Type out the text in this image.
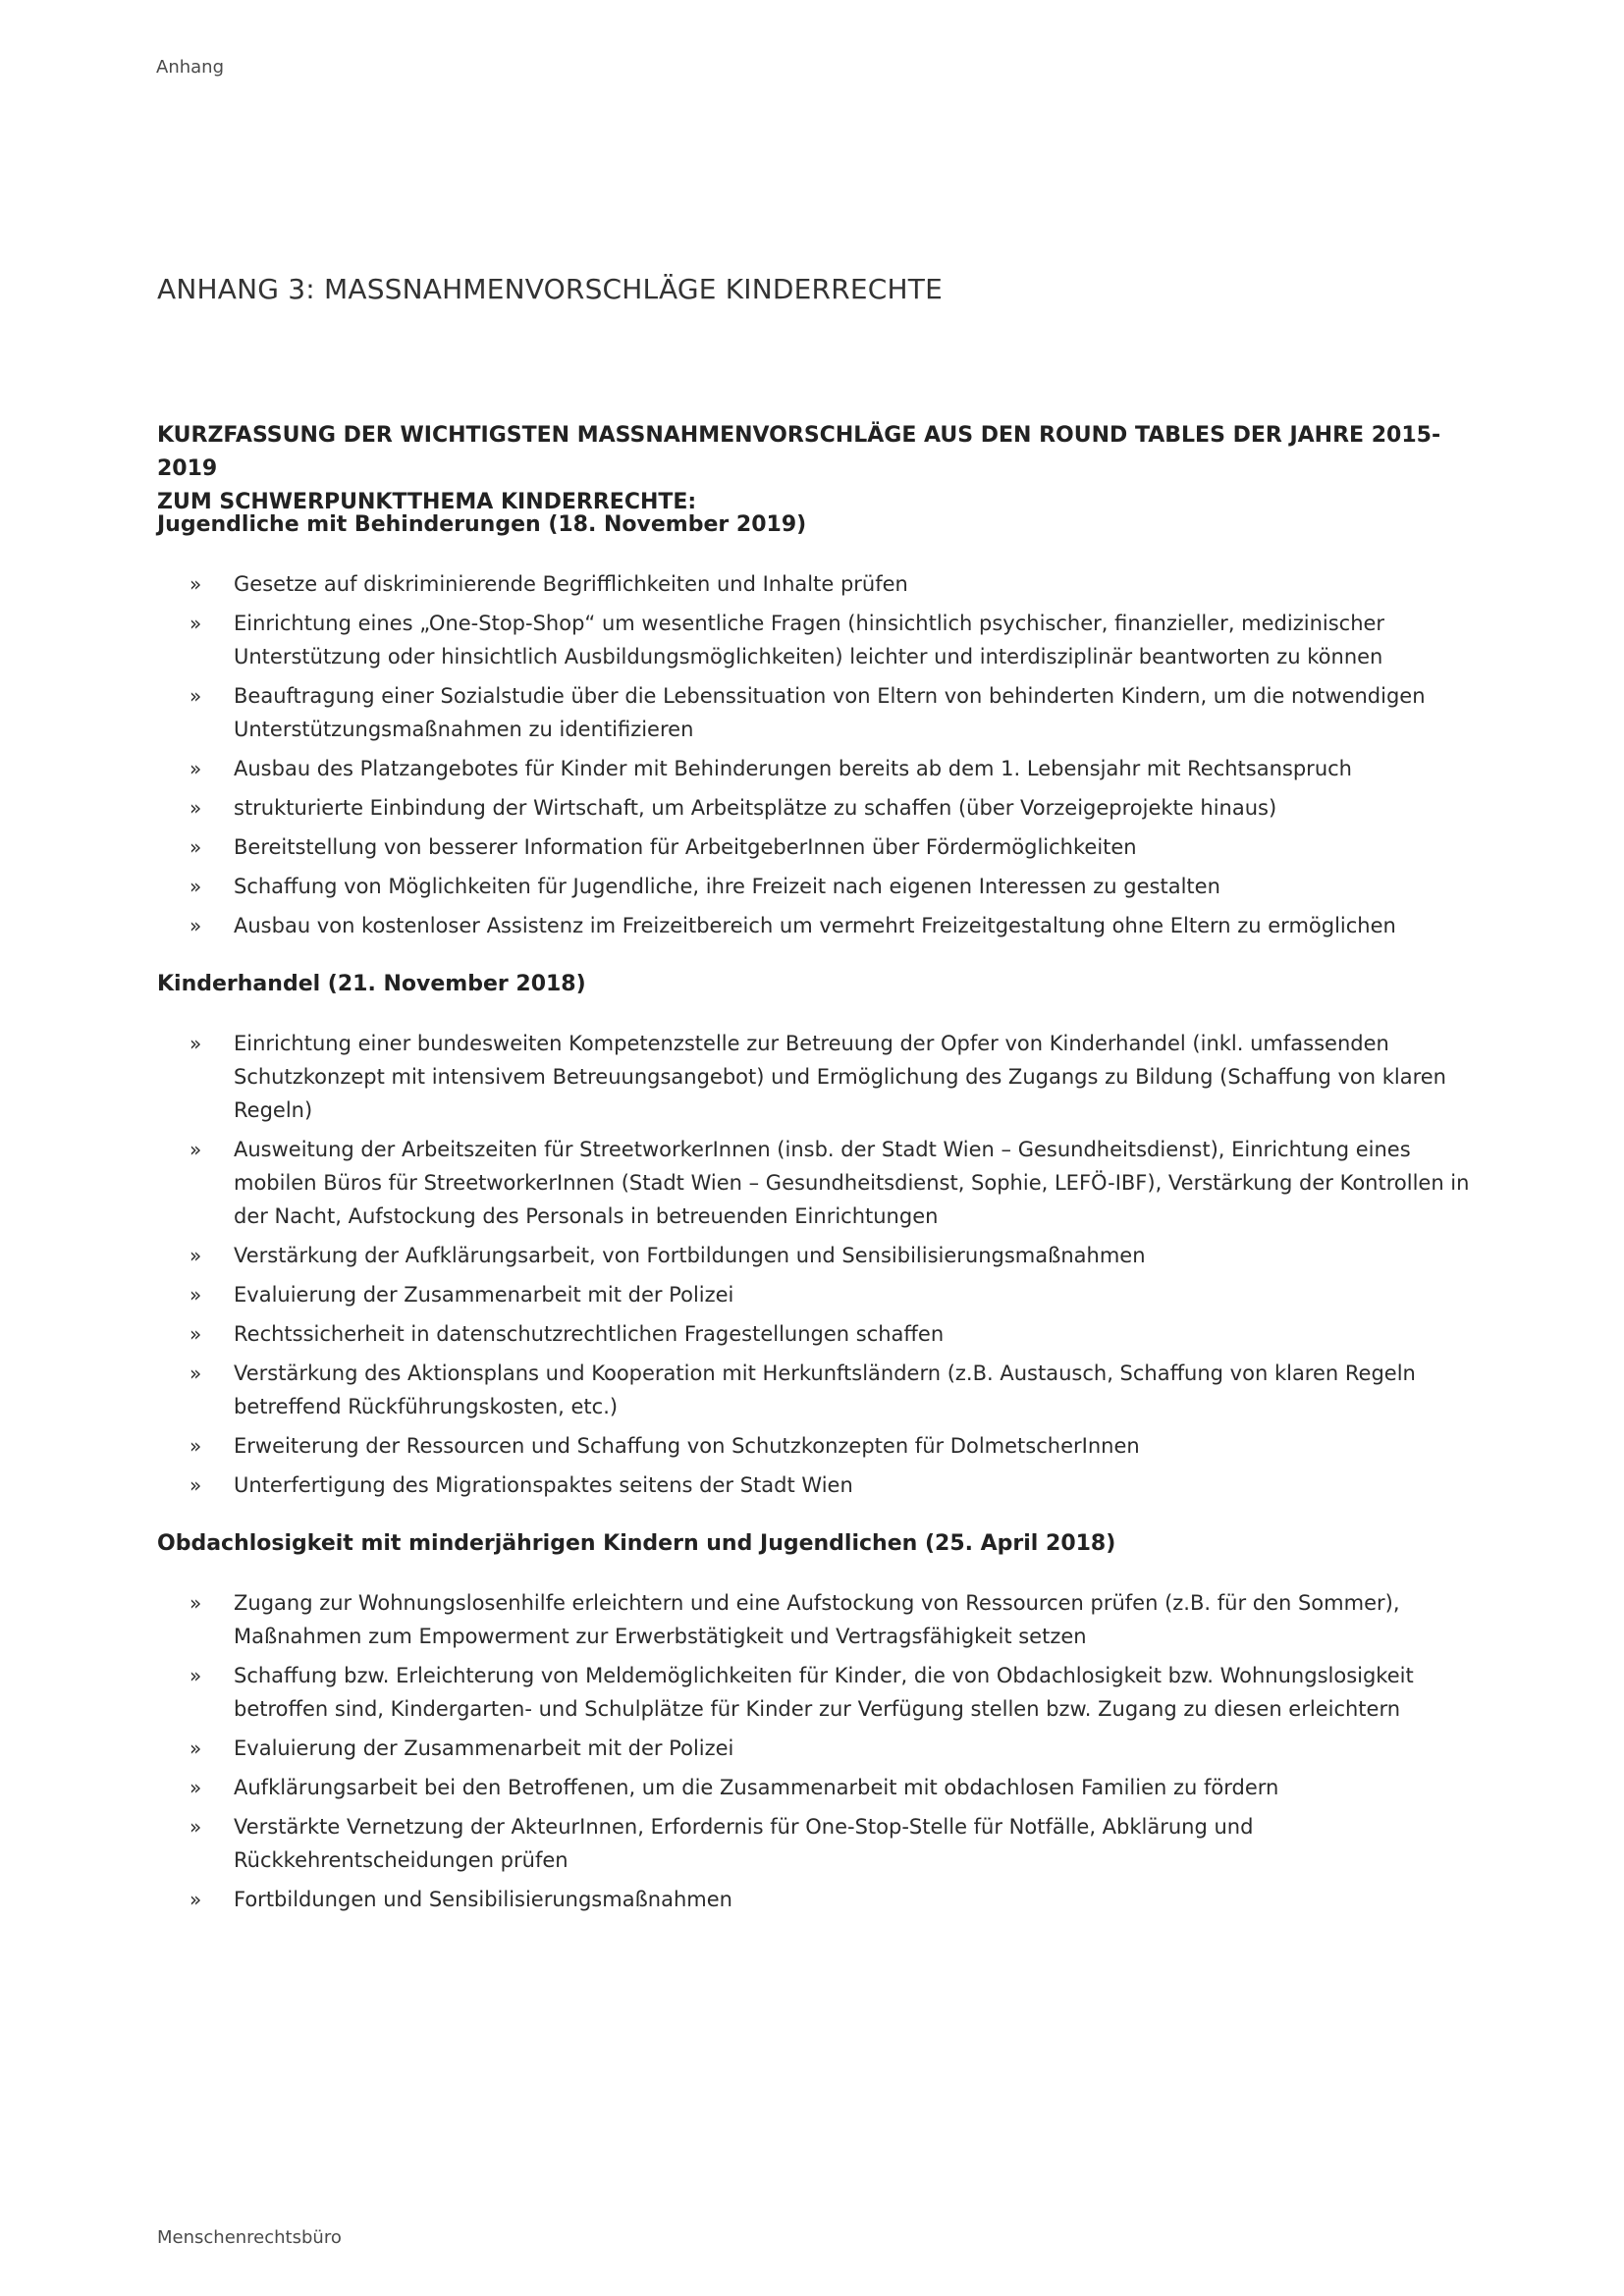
Anhang
ANHANG 3: MASSNAHMENVORSCHLÄGE KINDERRECHTE
KURZFASSUNG DER WICHTIGSTEN MASSNAHMENVORSCHLÄGE AUS DEN ROUND TABLES DER JAHRE 2015-2019
ZUM SCHWERPUNKTTHEMA KINDERRECHTE:
Jugendliche mit Behinderungen (18. November 2019)
» Gesetze auf diskriminierende Begrifflichkeiten und Inhalte prüfen
» Einrichtung eines „One-Stop-Shop“ um wesentliche Fragen (hinsichtlich psychischer, finanzieller, medizinischer Unterstützung oder hinsichtlich Ausbildungsmöglichkeiten) leichter und interdisziplinär beantworten zu können
» Beauftragung einer Sozialstudie über die Lebenssituation von Eltern von behinderten Kindern, um die notwendigen Unterstützungsmaßnahmen zu identifizieren
» Ausbau des Platzangebotes für Kinder mit Behinderungen bereits ab dem 1. Lebensjahr mit Rechtsanspruch
» strukturierte Einbindung der Wirtschaft, um Arbeitsplätze zu schaffen (über Vorzeigeprojekte hinaus)
» Bereitstellung von besserer Information für ArbeitgeberInnen über Fördermöglichkeiten
» Schaffung von Möglichkeiten für Jugendliche, ihre Freizeit nach eigenen Interessen zu gestalten
» Ausbau von kostenloser Assistenz im Freizeitbereich um vermehrt Freizeitgestaltung ohne Eltern zu ermöglichen
Kinderhandel (21. November 2018)
» Einrichtung einer bundesweiten Kompetenzstelle zur Betreuung der Opfer von Kinderhandel (inkl. umfassenden Schutzkonzept mit intensivem Betreuungsangebot) und Ermöglichung des Zugangs zu Bildung (Schaffung von klaren Regeln)
» Ausweitung der Arbeitszeiten für StreetworkerInnen (insb. der Stadt Wien – Gesundheitsdienst), Einrichtung eines mobilen Büros für StreetworkerInnen (Stadt Wien – Gesundheitsdienst, Sophie, LEFÖ-IBF), Verstärkung der Kontrollen in der Nacht, Aufstockung des Personals in betreuenden Einrichtungen
» Verstärkung der Aufklärungsarbeit, von Fortbildungen und Sensibilisierungsmaßnahmen
» Evaluierung der Zusammenarbeit mit der Polizei
» Rechtssicherheit in datenschutzrechtlichen Fragestellungen schaffen
» Verstärkung des Aktionsplans und Kooperation mit Herkunftsländern (z.B. Austausch, Schaffung von klaren Regeln betreffend Rückführungskosten, etc.)
» Erweiterung der Ressourcen und Schaffung von Schutzkonzepten für DolmetscherInnen
» Unterfertigung des Migrationspaktes seitens der Stadt Wien
Obdachlosigkeit mit minderjährigen Kindern und Jugendlichen (25. April 2018)
» Zugang zur Wohnungslosenhilfe erleichtern und eine Aufstockung von Ressourcen prüfen (z.B. für den Sommer), Maßnahmen zum Empowerment zur Erwerbstätigkeit und Vertragsfähigkeit setzen
» Schaffung bzw. Erleichterung von Meldemöglichkeiten für Kinder, die von Obdachlosigkeit bzw. Wohnungslosigkeit betroffen sind, Kindergarten- und Schulplätze für Kinder zur Verfügung stellen bzw. Zugang zu diesen erleichtern
» Evaluierung der Zusammenarbeit mit der Polizei
» Aufklärungsarbeit bei den Betroffenen, um die Zusammenarbeit mit obdachlosen Familien zu fördern
» Verstärkte Vernetzung der AkteurInnen, Erfordernis für One-Stop-Stelle für Notfälle, Abklärung und Rückkehrentscheidungen prüfen
» Fortbildungen und Sensibilisierungsmaßnahmen
Menschenrechtsbüro
